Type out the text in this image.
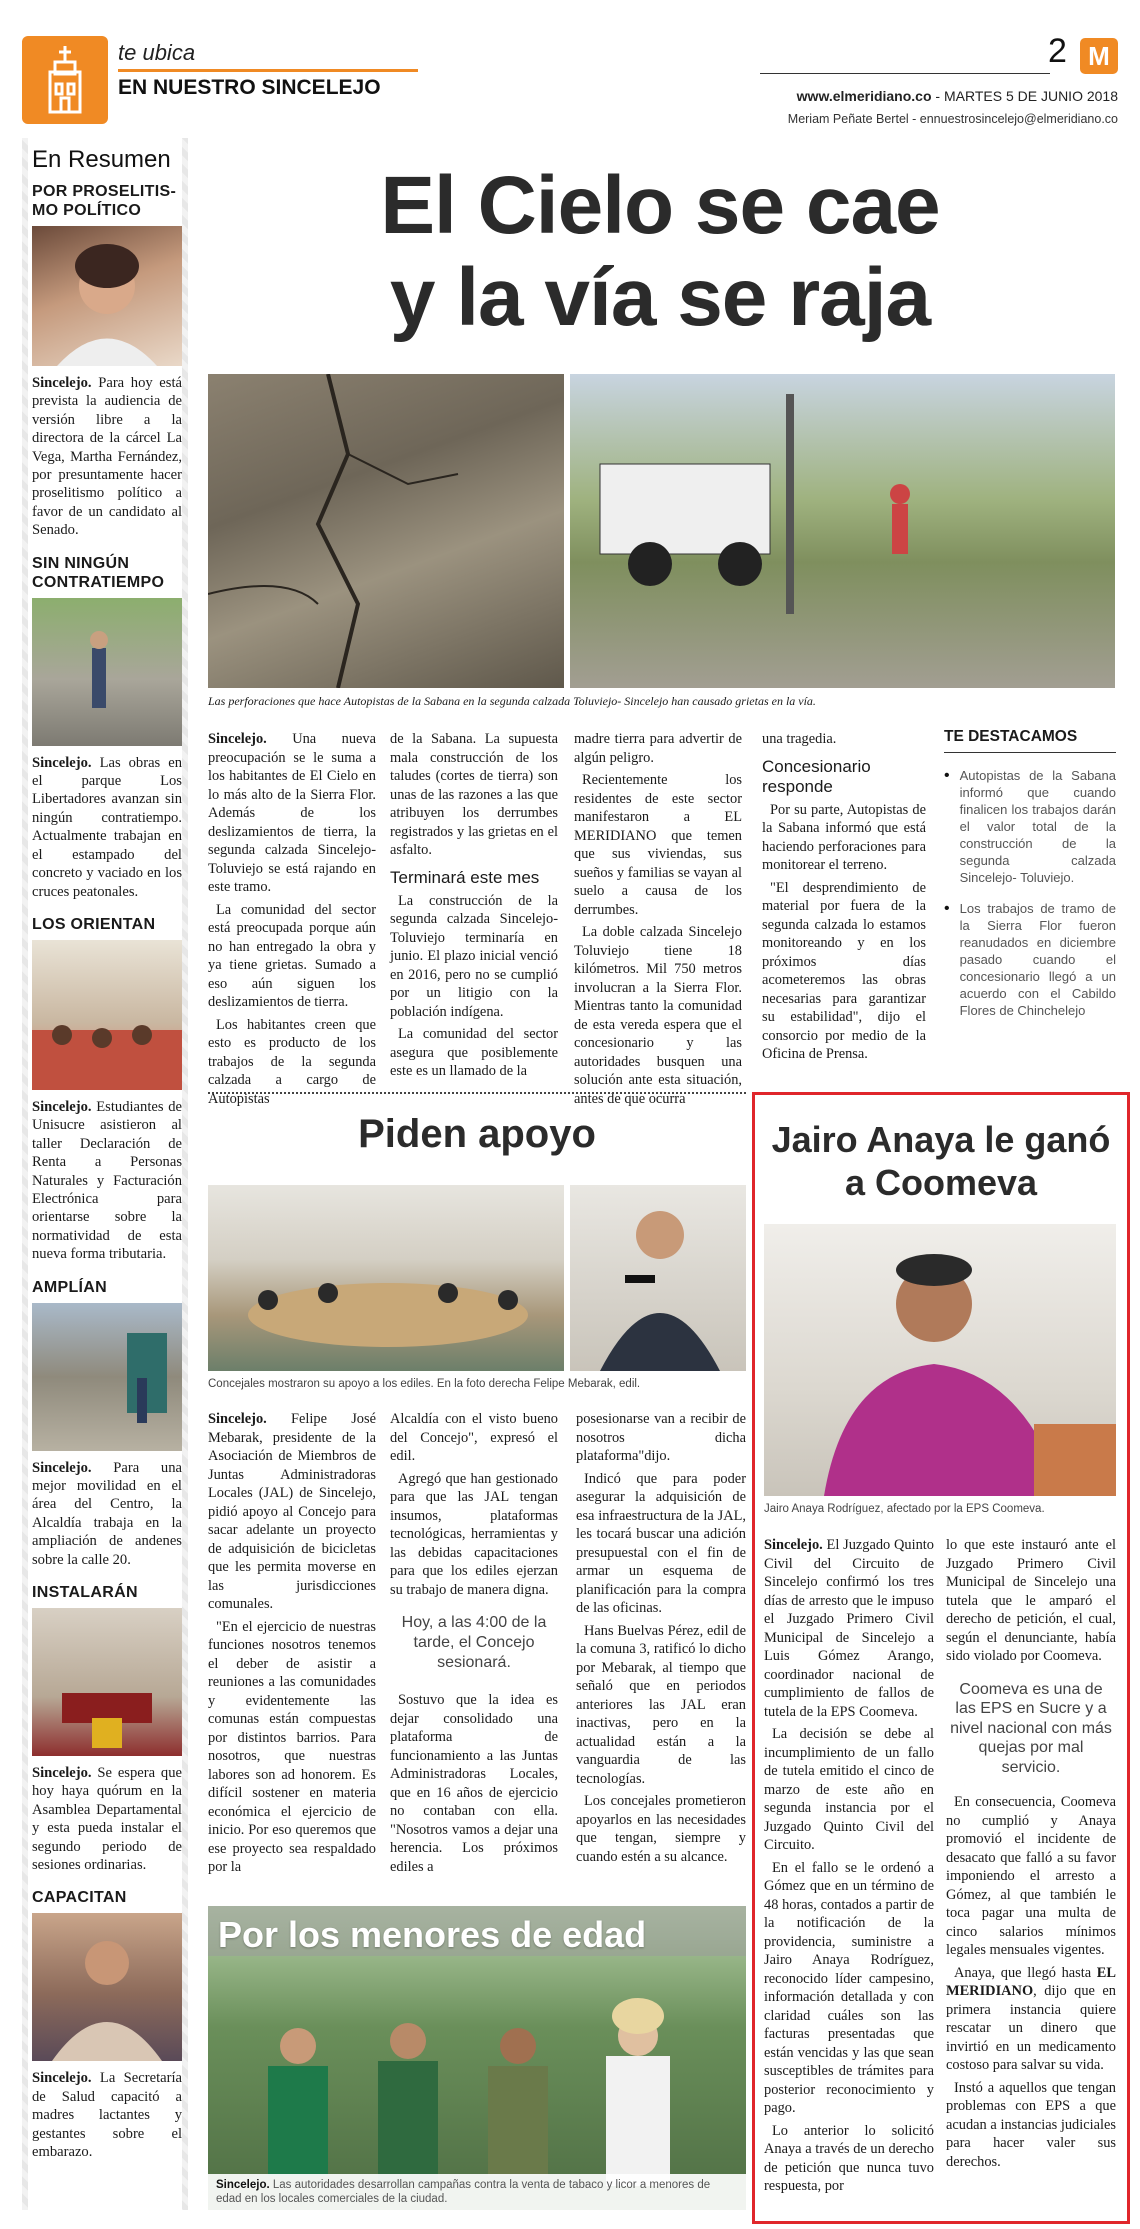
te ubica
EN NUESTRO SINCELEJO
2 M
www.elmeridiano.co - MARTES 5 DE JUNIO 2018
Meriam Peñate Bertel - ennuestrosincelejo@elmeridiano.co
En Resumen
POR PROSELITIS-
MO POLÍTICO
Sincelejo. Para hoy está prevista la audiencia de versión libre a la directora de la cárcel La Vega, Martha Fernández, por presuntamente hacer proselitismo político a favor de un candidato al Senado.
SIN NINGÚN
CONTRATIEMPO
Sincelejo. Las obras en el parque Los Libertadores avanzan sin ningún contratiempo. Actualmente trabajan en el estampado del concreto y vaciado en los cruces peatonales.
LOS ORIENTAN
Sincelejo. Estudiantes de Unisucre asistieron al taller Declaración de Renta a Personas Naturales y Facturación Electrónica para orientarse sobre la normatividad de esta nueva forma tributaria.
AMPLÍAN
Sincelejo. Para una mejor movilidad en el área del Centro, la Alcaldía trabaja en la ampliación de andenes sobre la calle 20.
INSTALARÁN
Sincelejo. Se espera que hoy haya quórum en la Asamblea Departamental y esta pueda instalar el segundo periodo de sesiones ordinarias.
CAPACITAN
Sincelejo. La Secretaría de Salud capacitó a madres lactantes y gestantes sobre el embarazo.
El Cielo se cae
y la vía se raja
Las perforaciones que hace Autopistas de la Sabana en la segunda calzada Toluviejo- Sincelejo han causado grietas en la vía.

Sincelejo. Una nueva preocupación se le suma a los habitantes de El Cielo en lo más alto de la Sierra Flor. Además de los deslizamientos de tierra, la segunda calzada Sincelejo-Toluviejo se está rajando en este tramo.

La comunidad del sector está preocupada porque aún no han entregado la obra y ya tiene grietas. Sumado a eso aún siguen los deslizamientos de tierra.

Los habitantes creen que esto es producto de los trabajos de la segunda calzada a cargo de Autopistas

de la Sabana. La supuesta mala construcción de los taludes (cortes de tierra) son unas de las razones a las que atribuyen los derrumbes registrados y las grietas en el asfalto.

Terminará este mes

La construcción de la segunda calzada Sincelejo-Toluviejo terminaría en junio. El plazo inicial venció en 2016, pero no se cumplió por un litigio con la población indígena.

La comunidad del sector asegura que posiblemente este es un llamado de la

madre tierra para advertir de algún peligro.

Recientemente los residentes de este sector manifestaron a EL MERIDIANO que temen que sus viviendas, sus sueños y familias se vayan al suelo a causa de los derrumbes.

La doble calzada Sincelejo Toluviejo tiene 18 kilómetros. Mil 750 metros involucran a la Sierra Flor. Mientras tanto la comunidad de esta vereda espera que el concesionario y las autoridades busquen una solución ante esta situación, antes de que ocurra

una tragedia.

Concesionario responde

Por su parte, Autopistas de la Sabana informó que está haciendo perforaciones para monitorear el terreno.

"El desprendimiento de material por fuera de la segunda calzada lo estamos monitoreando y en los próximos días acometeremos las obras necesarias para garantizar su estabilidad", dijo el consorcio por medio de la Oficina de Prensa.

TE DESTACAMOS
• Autopistas de la Sabana informó que cuando finalicen los trabajos darán el valor total de la construcción de la segunda calzada Sincelejo- Toluviejo.
• Los trabajos de tramo de la Sierra Flor fueron reanudados en diciembre pasado cuando el concesionario llegó a un acuerdo con el Cabildo Flores de Chinchelejo
Piden apoyo
Concejales mostraron su apoyo a los ediles. En la foto derecha Felipe Mebarak, edil.

Sincelejo. Felipe José Mebarak, presidente de la Asociación de Miembros de Juntas Administradoras Locales (JAL) de Sincelejo, pidió apoyo al Concejo para sacar adelante un proyecto de adquisición de bicicletas que les permita moverse en las jurisdicciones comunales.

"En el ejercicio de nuestras funciones nosotros tenemos el deber de asistir a reuniones a las comunidades y evidentemente las comunas están compuestas por distintos barrios. Para nosotros, que nuestras labores son ad honorem. Es difícil sostener en materia económica el ejercicio de inicio. Por eso queremos que ese proyecto sea respaldado por la

Alcaldía con el visto bueno del Concejo", expresó el edil.

Agregó que han gestionado para que las JAL tengan insumos, plataformas tecnológicas, herramientas y las debidas capacitaciones para que los ediles ejerzan su trabajo de manera digna.

Hoy, a las 4:00 de la tarde, el Concejo sesionará.

Sostuvo que la idea es dejar consolidado una plataforma de funcionamiento a las Juntas Administradoras Locales, que en 16 años de ejercicio no contaban con ella. "Nosotros vamos a dejar una herencia. Los próximos ediles a

posesionarse van a recibir de nosotros dicha plataforma"dijo.

Indicó que para poder asegurar la adquisición de esa infraestructura de la JAL, les tocará buscar una adición presupuestal con el fin de armar un esquema de planificación para la compra de las oficinas.

Hans Buelvas Pérez, edil de la comuna 3, ratificó lo dicho por Mebarak, al tiempo que señaló que en periodos anteriores las JAL eran inactivas, pero en la actualidad están a la vanguardia de las tecnologías.

Los concejales prometieron apoyarlos en las necesidades que tengan, siempre y cuando estén a su alcance.

Por los menores de edad
Sincelejo. Las autoridades desarrollan campañas contra la venta de tabaco y licor a menores de edad en los locales comerciales de la ciudad.
Jairo Anaya le ganó a Coomeva
Jairo Anaya Rodríguez, afectado por la EPS Coomeva.

Sincelejo. El Juzgado Quinto Civil del Circuito de Sincelejo confirmó los tres días de arresto que le impuso el Juzgado Primero Civil Municipal de Sincelejo a Luis Gómez Arango, coordinador nacional de cumplimiento de fallos de tutela de la EPS Coomeva.

La decisión se debe al incumplimiento de un fallo de tutela emitido el cinco de marzo de este año en segunda instancia por el Juzgado Quinto Civil del Circuito.

En el fallo se le ordenó a Gómez que en un término de 48 horas, contados a partir de la notificación de la providencia, suministre a Jairo Anaya Rodríguez, reconocido líder campesino, información detallada y con claridad cuáles son las facturas presentadas que están vencidas y las que sean susceptibles de trámites para posterior reconocimiento y pago.

Lo anterior lo solicitó Anaya a través de un derecho de petición que nunca tuvo respuesta, por

lo que este instauró ante el Juzgado Primero Civil Municipal de Sincelejo una tutela que le amparó el derecho de petición, el cual, según el denunciante, había sido violado por Coomeva.

Coomeva es una de las EPS en Sucre y a nivel nacional con más quejas por mal servicio.

En consecuencia, Coomeva no cumplió y Anaya promovió el incidente de desacato que falló a su favor imponiendo el arresto a Gómez, al que también le toca pagar una multa de cinco salarios mínimos legales mensuales vigentes.

Anaya, que llegó hasta EL MERIDIANO, dijo que en primera instancia quiere rescatar un dinero que invirtió en un medicamento costoso para salvar su vida.

Instó a aquellos que tengan problemas con EPS a que acudan a instancias judiciales para hacer valer sus derechos.
